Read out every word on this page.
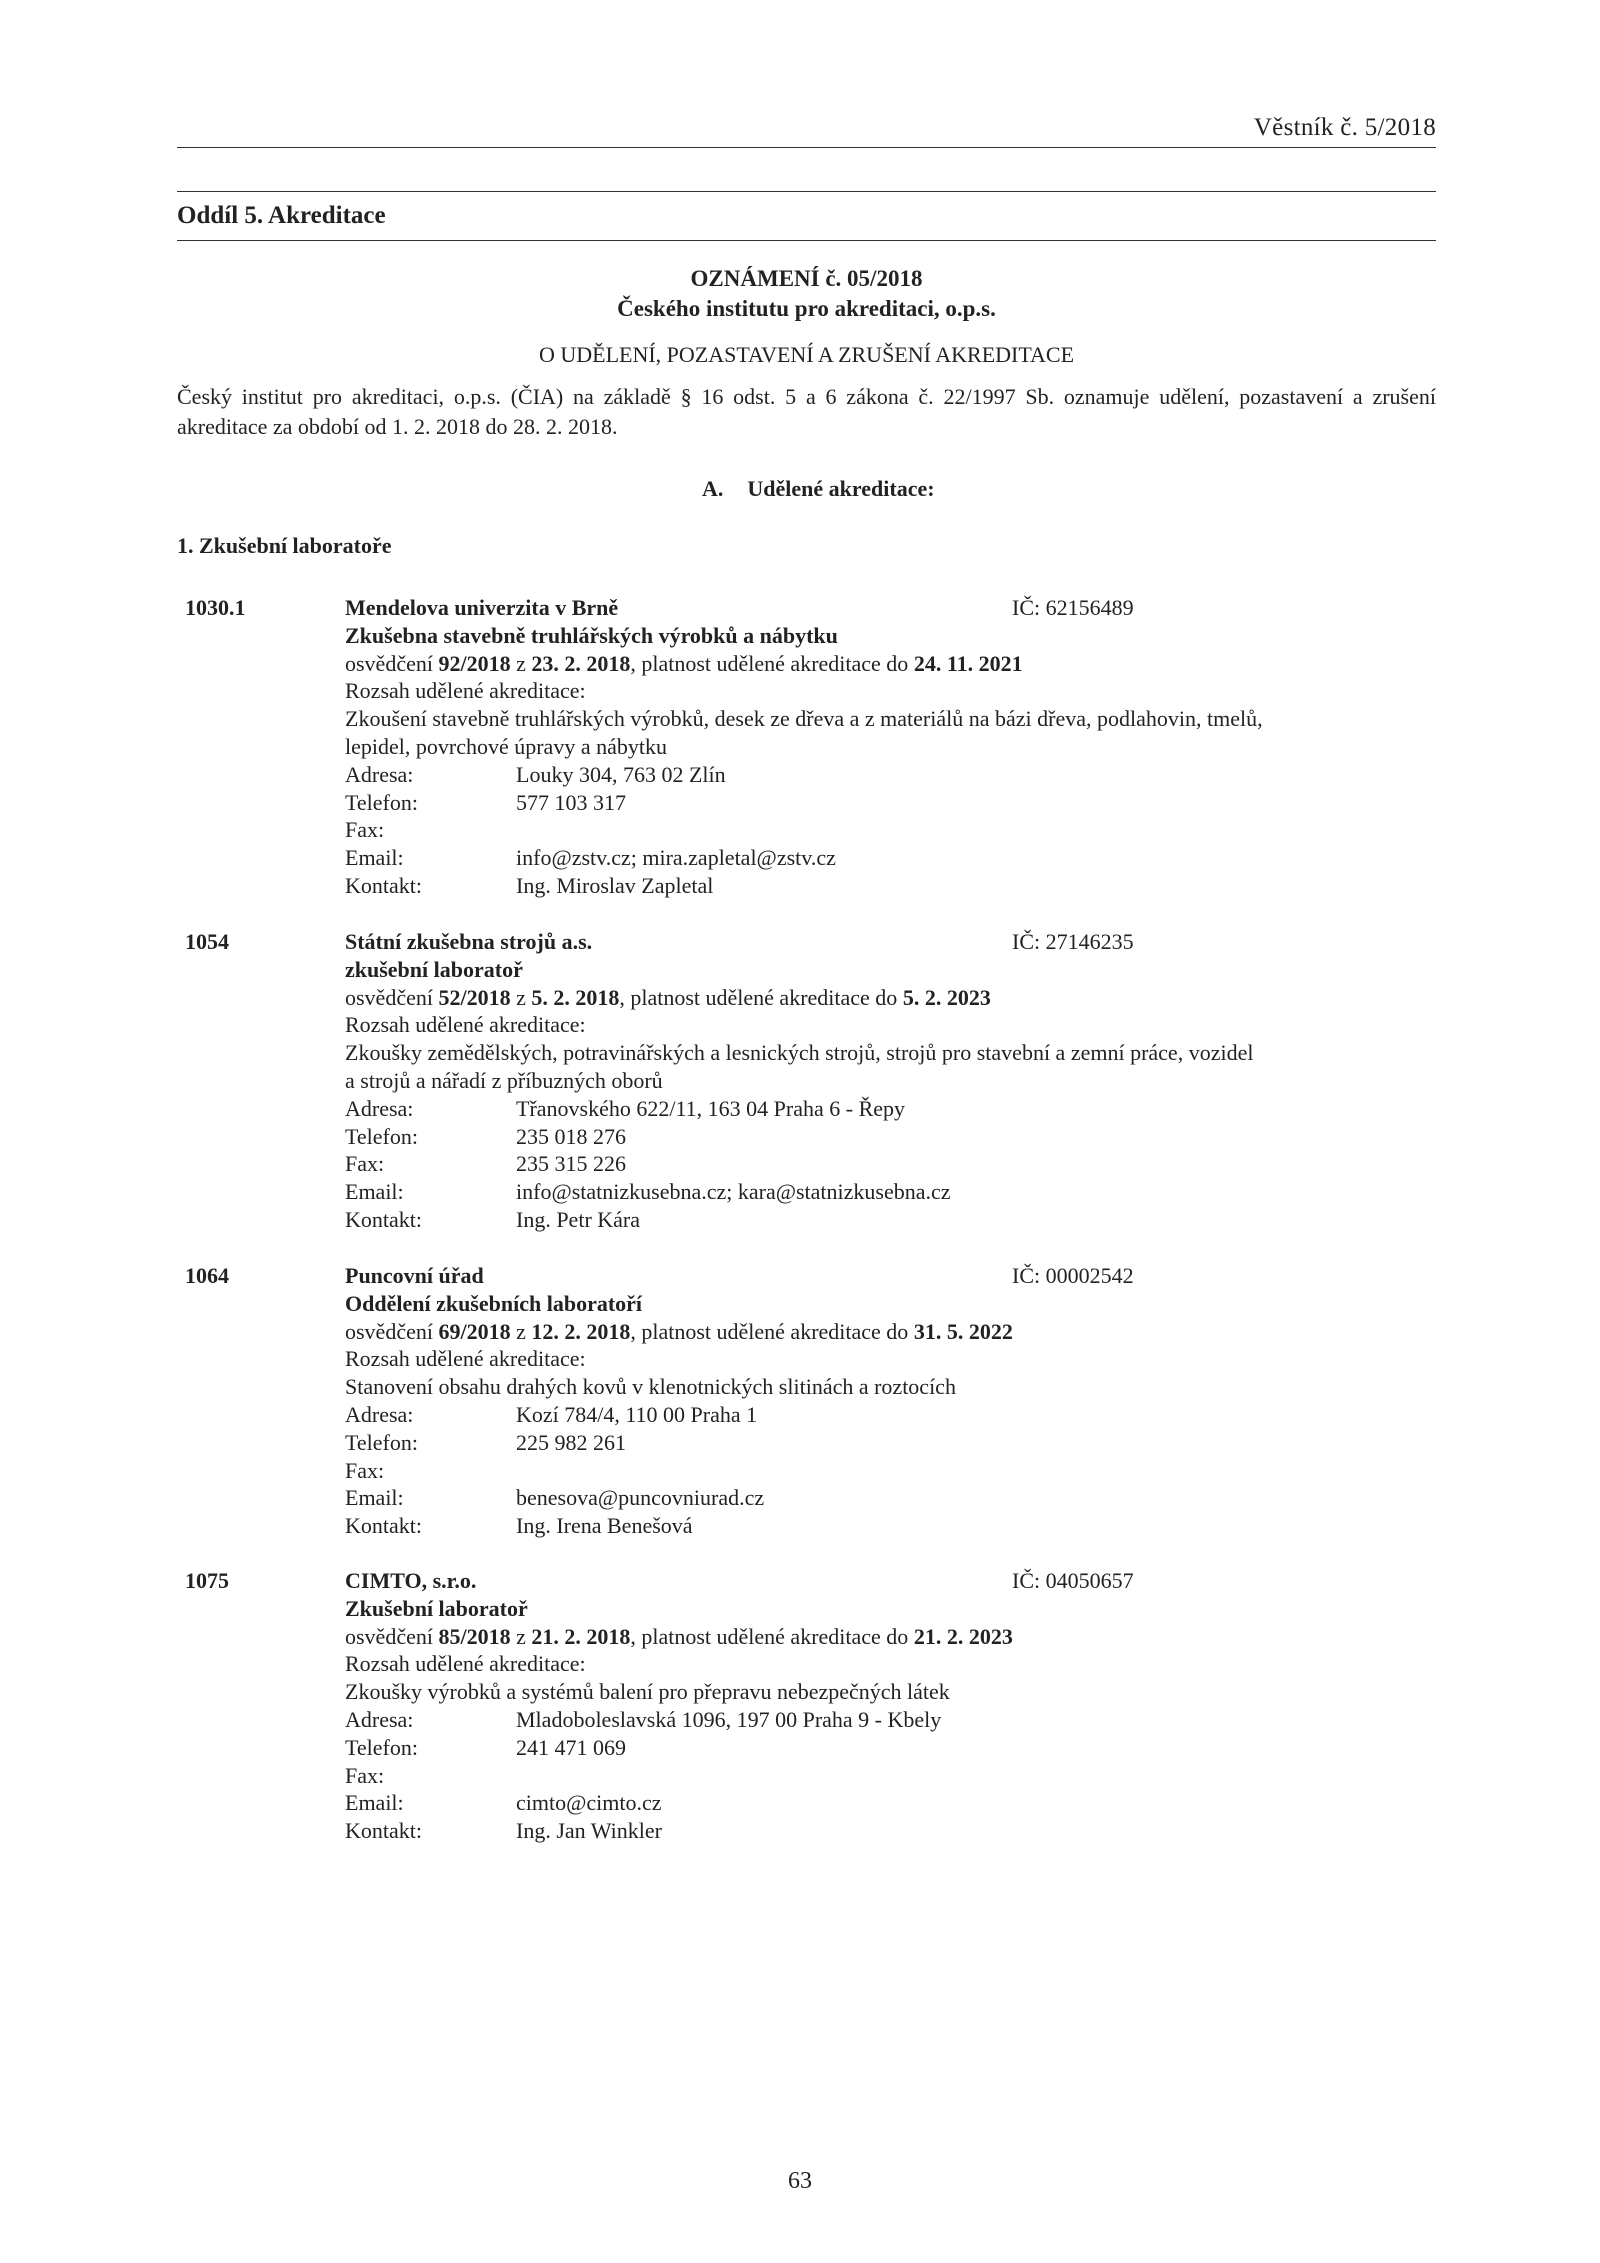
Věstník č. 5/2018
Oddíl 5. Akreditace
OZNÁMENÍ č. 05/2018
Českého institutu pro akreditaci, o.p.s.
O UDĚLENÍ, POZASTAVENÍ A ZRUŠENÍ AKREDITACE
Český institut pro akreditaci, o.p.s. (ČIA) na základě § 16 odst. 5 a 6 zákona č. 22/1997 Sb. oznamuje udělení, pozastavení a zrušení akreditace za období od 1. 2. 2018 do 28. 2. 2018.
A. Udělené akreditace:
1. Zkušební laboratoře
1030.1	Mendelova univerzita v Brně	IČ: 62156489
Zkušebna stavebně truhlářských výrobků a nábytku
osvědčení 92/2018 z 23. 2. 2018, platnost udělené akreditace do 24. 11. 2021
Rozsah udělené akreditace:
Zkoušení stavebně truhlářských výrobků, desek ze dřeva a z materiálů na bázi dřeva, podlahovin, tmelů,
lepidel, povrchové úpravy a nábytku
Adresa:	Louky 304, 763 02 Zlín
Telefon:	577 103 317
Fax:
Email:	info@zstv.cz; mira.zapletal@zstv.cz
Kontakt:	Ing. Miroslav Zapletal
1054	Státní zkušebna strojů a.s.	IČ: 27146235
zkušební laboratoř
osvědčení 52/2018 z 5. 2. 2018, platnost udělené akreditace do 5. 2. 2023
Rozsah udělené akreditace:
Zkoušky zemědělských, potravinářských a lesnických strojů, strojů pro stavební a zemní práce, vozidel
a strojů a nářadí z příbuzných oborů
Adresa:	Třanovského 622/11, 163 04 Praha 6 - Řepy
Telefon:	235 018 276
Fax:	235 315 226
Email:	info@statnizkusebna.cz; kara@statnizkusebna.cz
Kontakt:	Ing. Petr Kára
1064	Puncovní úřad	IČ: 00002542
Oddělení zkušebních laboratoří
osvědčení 69/2018 z 12. 2. 2018, platnost udělené akreditace do 31. 5. 2022
Rozsah udělené akreditace:
Stanovení obsahu drahých kovů v klenotnických slitinách a roztocích
Adresa:	Kozí 784/4, 110 00 Praha 1
Telefon:	225 982 261
Fax:
Email:	benesova@puncovniurad.cz
Kontakt:	Ing. Irena Benešová
1075	CIMTO, s.r.o.	IČ: 04050657
Zkušební laboratoř
osvědčení 85/2018 z 21. 2. 2018, platnost udělené akreditace do 21. 2. 2023
Rozsah udělené akreditace:
Zkoušky výrobků a systémů balení pro přepravu nebezpečných látek
Adresa:	Mladoboleslavská 1096, 197 00 Praha 9 - Kbely
Telefon:	241 471 069
Fax:
Email:	cimto@cimto.cz
Kontakt:	Ing. Jan Winkler
63
